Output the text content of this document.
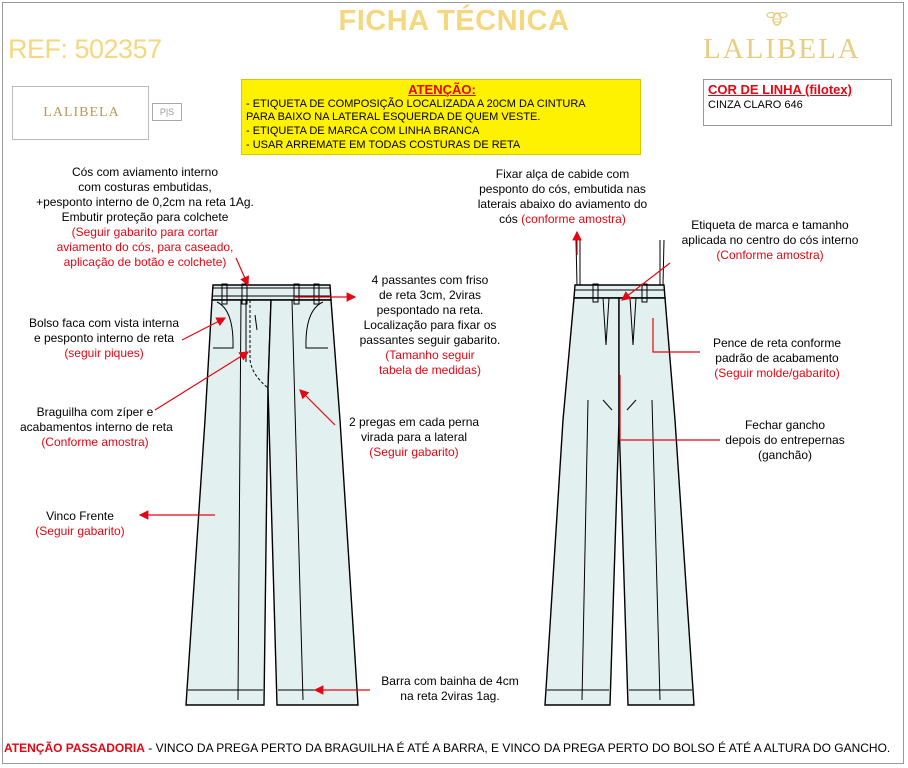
FICHA TÉCNICA
REF: 502357	LALIBELA
LALIBELA	P|S
ATENÇÃO:
- ETIQUETA DE COMPOSIÇÃO LOCALIZADA A 20CM DA CINTURA
PARA BAIXO NA LATERAL ESQUERDA DE QUEM VESTE.
- ETIQUETA DE MARCA COM LINHA BRANCA
- USAR ARREMATE EM TODAS COSTURAS DE RETA
COR DE LINHA (filotex)
CINZA CLARO 646
Cós com aviamento interno
com costuras embutidas,
+pesponto interno de 0,2cm na reta 1Ag.
Embutir proteção para colchete
(Seguir gabarito para cortar
aviamento do cós, para caseado,
aplicação de botão e colchete)
Bolso faca com vista interna
e pesponto interno de reta
(seguir piques)
Braguilha com zíper e
acabamentos interno de reta
(Conforme amostra)
Vinco Frente
(Seguir gabarito)
4 passantes com friso
de reta 3cm, 2viras
pespontado na reta.
Localização para fixar os
passantes seguir gabarito.
(Tamanho seguir
tabela de medidas)
2 pregas em cada perna
virada para a lateral
(Seguir gabarito)
Barra com bainha de 4cm
na reta 2viras 1ag.
Fixar alça de cabide com
pesponto do cós, embutida nas
laterais abaixo do aviamento do
cós (conforme amostra)	Etiqueta de marca e tamanho
aplicada no centro do cós interno
(Conforme amostra)
Pence de reta conforme
padrão de acabamento
(Seguir molde/gabarito)
Fechar gancho
depois do entrepernas
(ganchão)
ATENÇÃO PASSADORIA - VINCO DA PREGA PERTO DA BRAGUILHA É ATÉ A BARRA, E VINCO DA PREGA PERTO DO BOLSO É ATÉ A ALTURA DO GANCHO.
